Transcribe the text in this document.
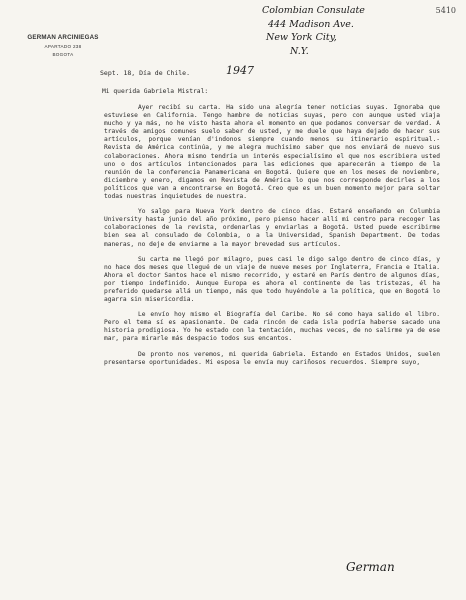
GERMAN ARCINIEGAS
APARTADO 238
BOGOTA
Colombian Consulate
444 Madison Ave.
New York City,
N.Y.
5410
Sept. 18, Día de Chile.	1947
Mi querida Gabriela Mistral:

Ayer recibí su carta. Ha sido una alegría tener noticias suyas. Ignoraba que estuviese en California. Tengo hambre de noticias suyas, pero con aunque usted viaja mucho y ya más, no he visto hasta ahora el momento en que podamos conversar de verdad. A través de amigos comunes suelo saber de usted, y me duele que haya dejado de hacer sus artículos, porque venían d'indonos siempre cuando menos su itinerario espiritual.- Revista de América continúa, y me alegra muchísimo saber que nos enviará de nuevo sus colaboraciones. Ahora mismo tendría un interés especialísimo el que nos escribiera usted uno o dos artículos intencionados para las ediciones que aparecerán a tiempo de la reunión de la conferencia Panamericana en Bogotá. Quiere que en los meses de noviembre, diciembre y enero, digamos en Revista de América lo que nos corresponde decirles a los políticos que van a encontrarse en Bogotá. Creo que es un buen momento mejor para soltar todas nuestras inquietudes de nuestra.

Yo salgo para Nueva York dentro de cinco días. Estaré enseñando en Columbia University hasta junio del año próximo, pero pienso hacer allí mi centro para recoger las colaboraciones de la revista, ordenarlas y enviarlas a Bogotá. Usted puede escribirme bien sea al consulado de Colombia, o a la Universidad, Spanish Department. De todas maneras, no deje de enviarme a la mayor brevedad sus artículos.

Su carta me llegó por milagro, pues casi le digo salgo dentro de cinco días, y no hace dos meses que llegué de un viaje de nueve meses por Inglaterra, Francia e Italia. Ahora el doctor Santos hace el mismo recorrido, y estaré en París dentro de algunos días, por tiempo indefinido. Aunque Europa es ahora el continente de las tristezas, él ha preferido quedarse allá un tiempo, más que todo huyéndole a la política, que en Bogotá lo agarra sin misericordia.

Le envío hoy mismo el Biografía del Caribe. No sé como haya salido el libro. Pero el tema sí es apasionante. De cada rincón de cada isla podría haberse sacado una historia prodigiosa. Yo he estado con la tentación, muchas veces, de no salirme ya de ese mar, para mirarle más despacio todos sus encantos.

De pronto nos veremos, mi querida Gabriela. Estando en Estados Unidos, suelen presentarse oportunidades. Mi esposa le envía muy cariñosos recuerdos. Siempre suyo,

German
